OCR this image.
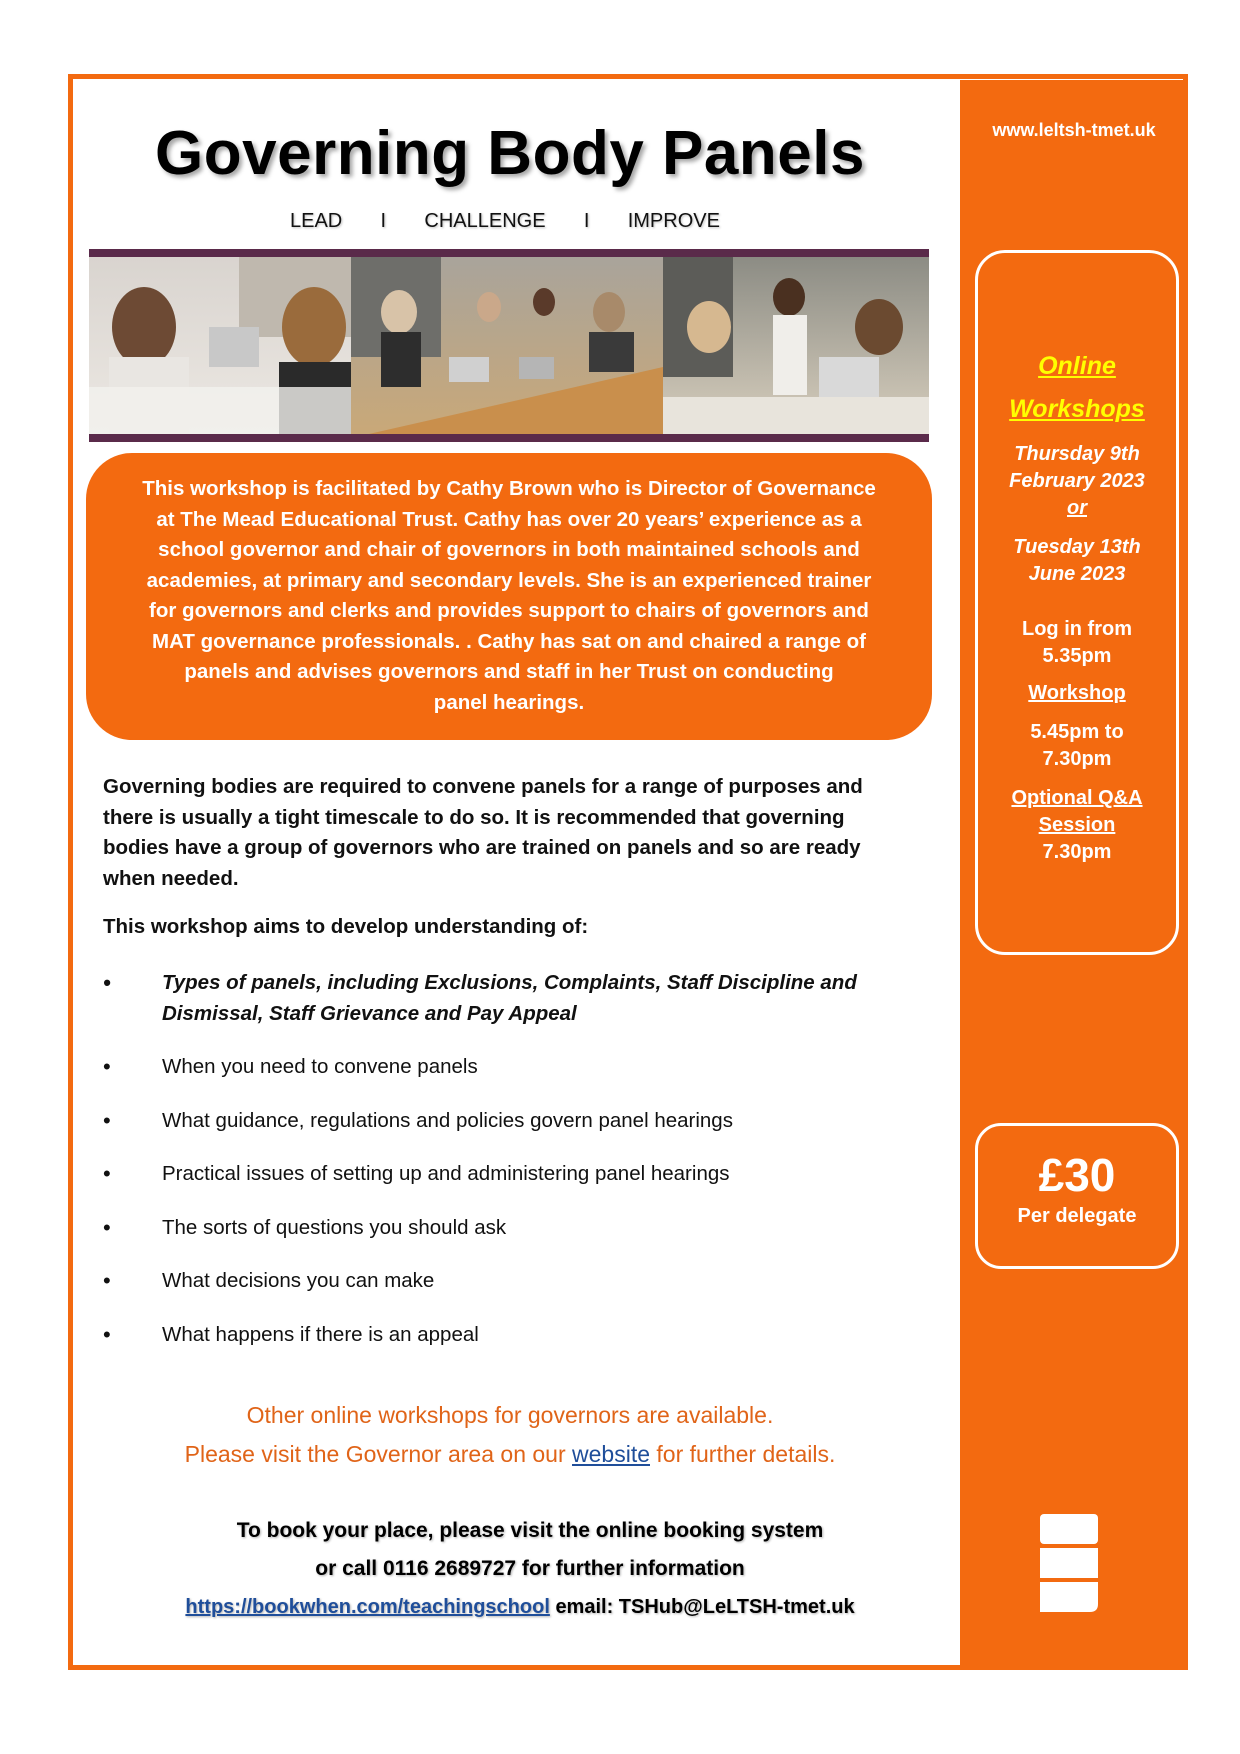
www.leltsh-tmet.uk
Online
Workshops
Thursday 9th
February 2023
or
Tuesday 13th
June 2023
Log in from
5.35pm
Workshop
5.45pm to
7.30pm
Optional Q&A
Session
7.30pm
£30
Per delegate
Governing Body Panels
LEAD I CHALLENGE I IMPROVE
This workshop is facilitated by Cathy Brown who is Director of Governance
at The Mead Educational Trust. Cathy has over 20 years’ experience as a
school governor and chair of governors in both maintained schools and
academies, at primary and secondary levels. She is an experienced trainer
for governors and clerks and provides support to chairs of governors and
MAT governance professionals. . Cathy has sat on and chaired a range of
panels and advises governors and staff in her Trust on conducting
panel hearings.
Governing bodies are required to convene panels for a range of purposes and
there is usually a tight timescale to do so. It is recommended that governing
bodies have a group of governors who are trained on panels and so are ready
when needed.
This workshop aims to develop understanding of:
• Types of panels, including Exclusions, Complaints, Staff Discipline and
Dismissal, Staff Grievance and Pay Appeal
• When you need to convene panels
• What guidance, regulations and policies govern panel hearings
• Practical issues of setting up and administering panel hearings
• The sorts of questions you should ask
• What decisions you can make
• What happens if there is an appeal
Other online workshops for governors are available.
Please visit the Governor area on our website for further details.
To book your place, please visit the online booking system
or call 0116 2689727 for further information
https://bookwhen.com/teachingschool email: TSHub@LeLTSH-tmet.uk
